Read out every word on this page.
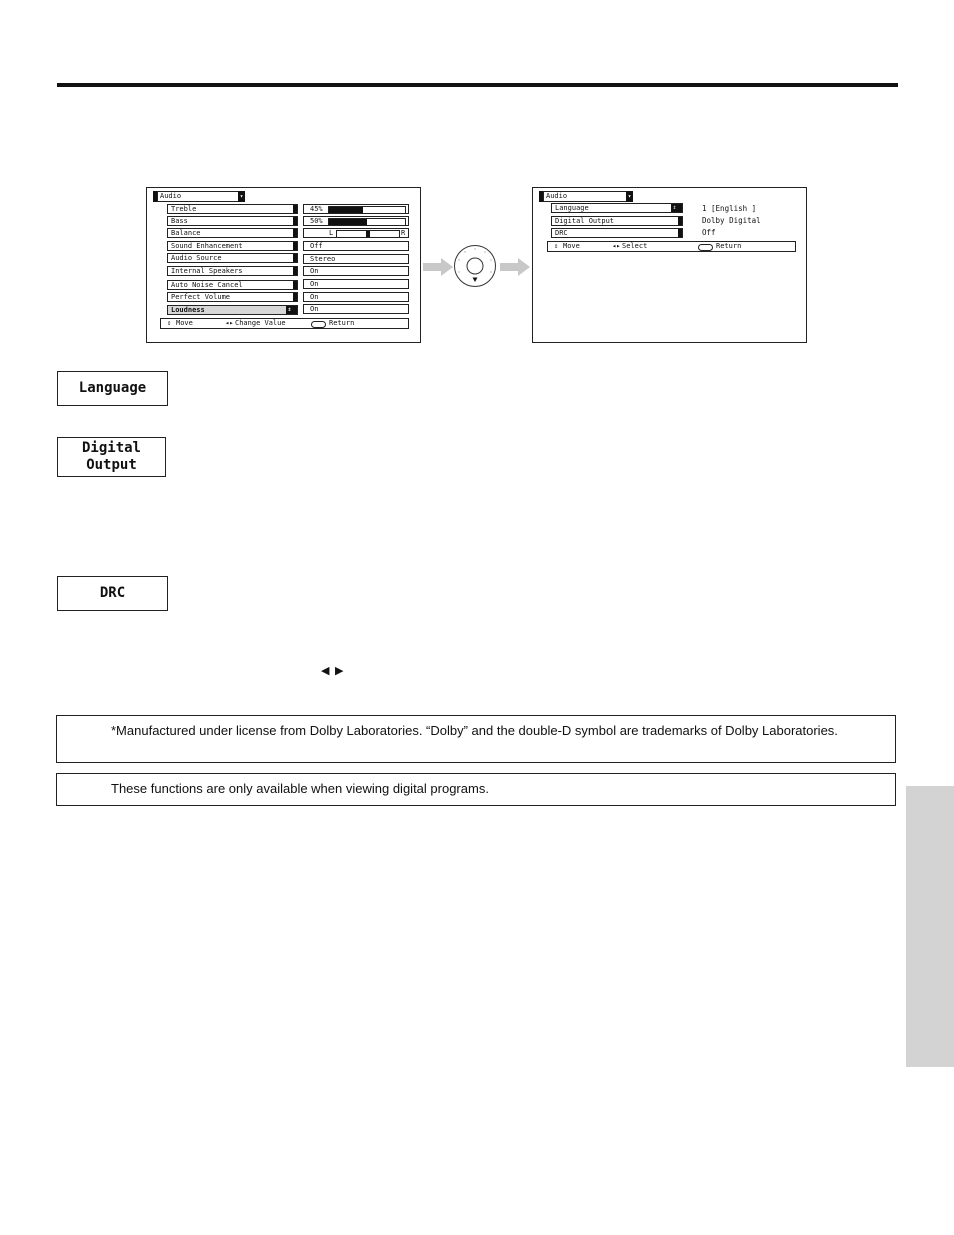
Audio	▾
Treble	45%
Bass	50%
Balance	L	R
Sound Enhancement	Off
Audio Source	Stereo
Internal Speakers	On
Auto Noise Cancel	On
Perfect Volume	On
Loudness	⇕	On
⇕ Move	◂▸ Change Value	Return
Audio	▾
Language	⇕	1 [English ]
Digital Output	Dolby Digital
DRC	Off
⇕ Move	◂▸ Select	Return
Language
Digital
Output
DRC
◀ ▶

*Manufactured under license from Dolby Laboratories. “Dolby” and the double-D symbol are trademarks of Dolby Laboratories.

These functions are only available when viewing digital programs.
